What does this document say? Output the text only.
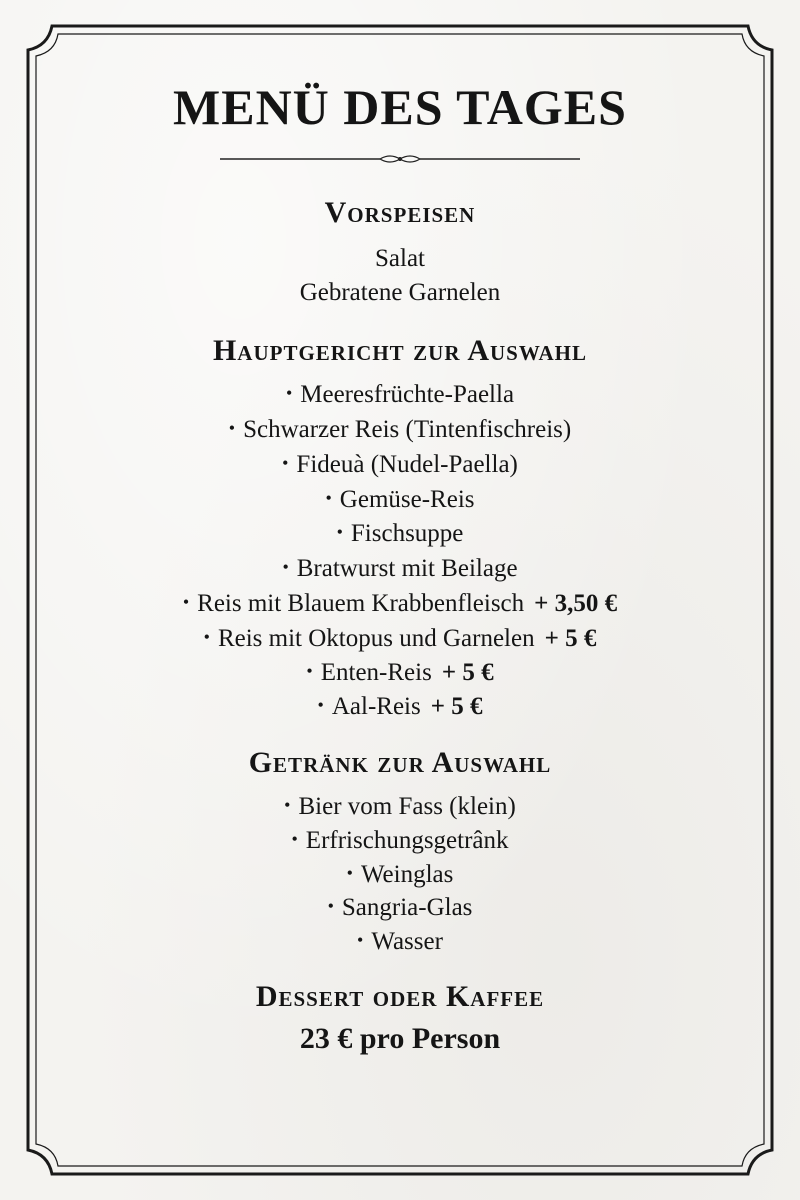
MENÜ DES TAGES
Vorspeisen
Salat
Gebratene Garnelen
Hauptgericht zur Auswahl
• Meeresfrüchte-Paella
• Schwarzer Reis (Tintenfischreis)
• Fideuà (Nudel-Paella)
• Gemüse-Reis
• Fischsuppe
• Bratwurst mit Beilage
• Reis mit Blauem Krabbenfleisch + 3,50 €
• Reis mit Oktopus und Garnelen + 5 €
• Enten-Reis + 5 €
• Aal-Reis + 5 €
Getränk zur Auswahl
• Bier vom Fass (klein)
• Erfrischungsgetrânk
• Weinglas
• Sangria-Glas
• Wasser
Dessert oder Kaffee
23 € pro Person
